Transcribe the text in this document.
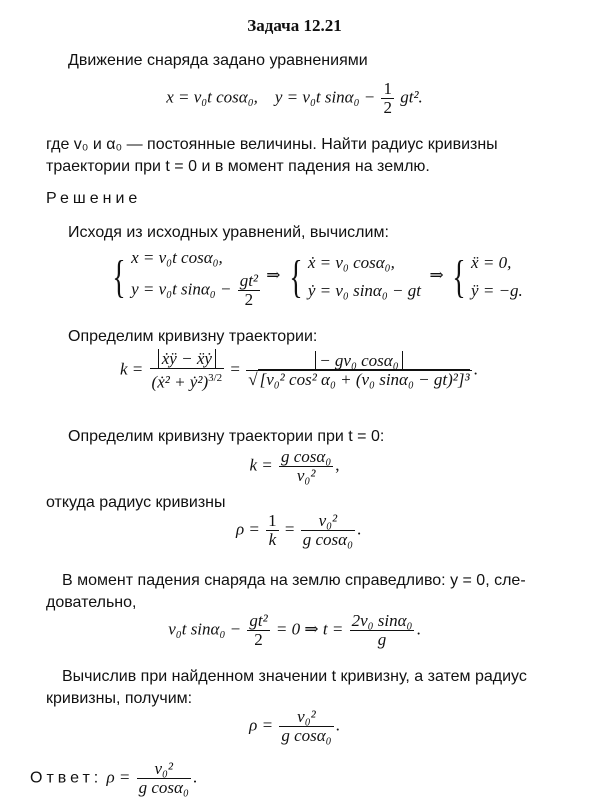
Задача 12.21
Движение снаряда задано уравнениями
x = v₀t cosα₀, y = v₀t $\sin\alpha_0 - \frac{1}{2} gt^2$.
где v₀ и α₀ — постоянные величины. Найти радиус кривизны
траектории при t = 0 и в момент падения на землю.
Решение
Исходя из исходных уравнений, вычислим:
{ x = v₀t cosα₀,
y = v₀t $\sin\alpha_0 - \frac{\text{gt²}}{2}$ ⇒ { ẋ = v₀ cosα₀,
ẏ = v₀ sinα₀ − gt
⇒ { ẍ = 0,
ÿ = −g.
Определим кривизну траектории:
$k = \frac{\text{ẋÿ − ẍẏ}}{(ẋ^2 + ẏ^2)^{3/2}} = \frac{\text{− gv₀ cosα₀}}{\text{√ [v₀² cos² α₀ + (v₀ sinα₀ − gt)²]³}}$ .
Определим кривизну траектории при t = 0:
$k = \frac{\text{g cosα₀}}{\text{v₀²}}$ ,
откуда радиус кривизны
$\rho = \frac{1}{k} = \frac{\text{v₀²}}{\text{g cosα₀}}$ .
В момент падения снаряда на землю справедливо: y = 0, сле-
довательно,
v₀t $\sin\alpha_0 - \frac{\text{gt²}}{2} = 0$ ⇒ $t = \frac{\text{2v₀ sinα₀}}{g}$ .
Вычислив при найденном значении t кривизну, а затем радиус
кривизны, получим:
$\rho = \frac{\text{v₀²}}{\text{g cosα₀}}$ .
Ответ: $\rho = \frac{\text{v₀²}}{\text{g cosα₀}}$ .
